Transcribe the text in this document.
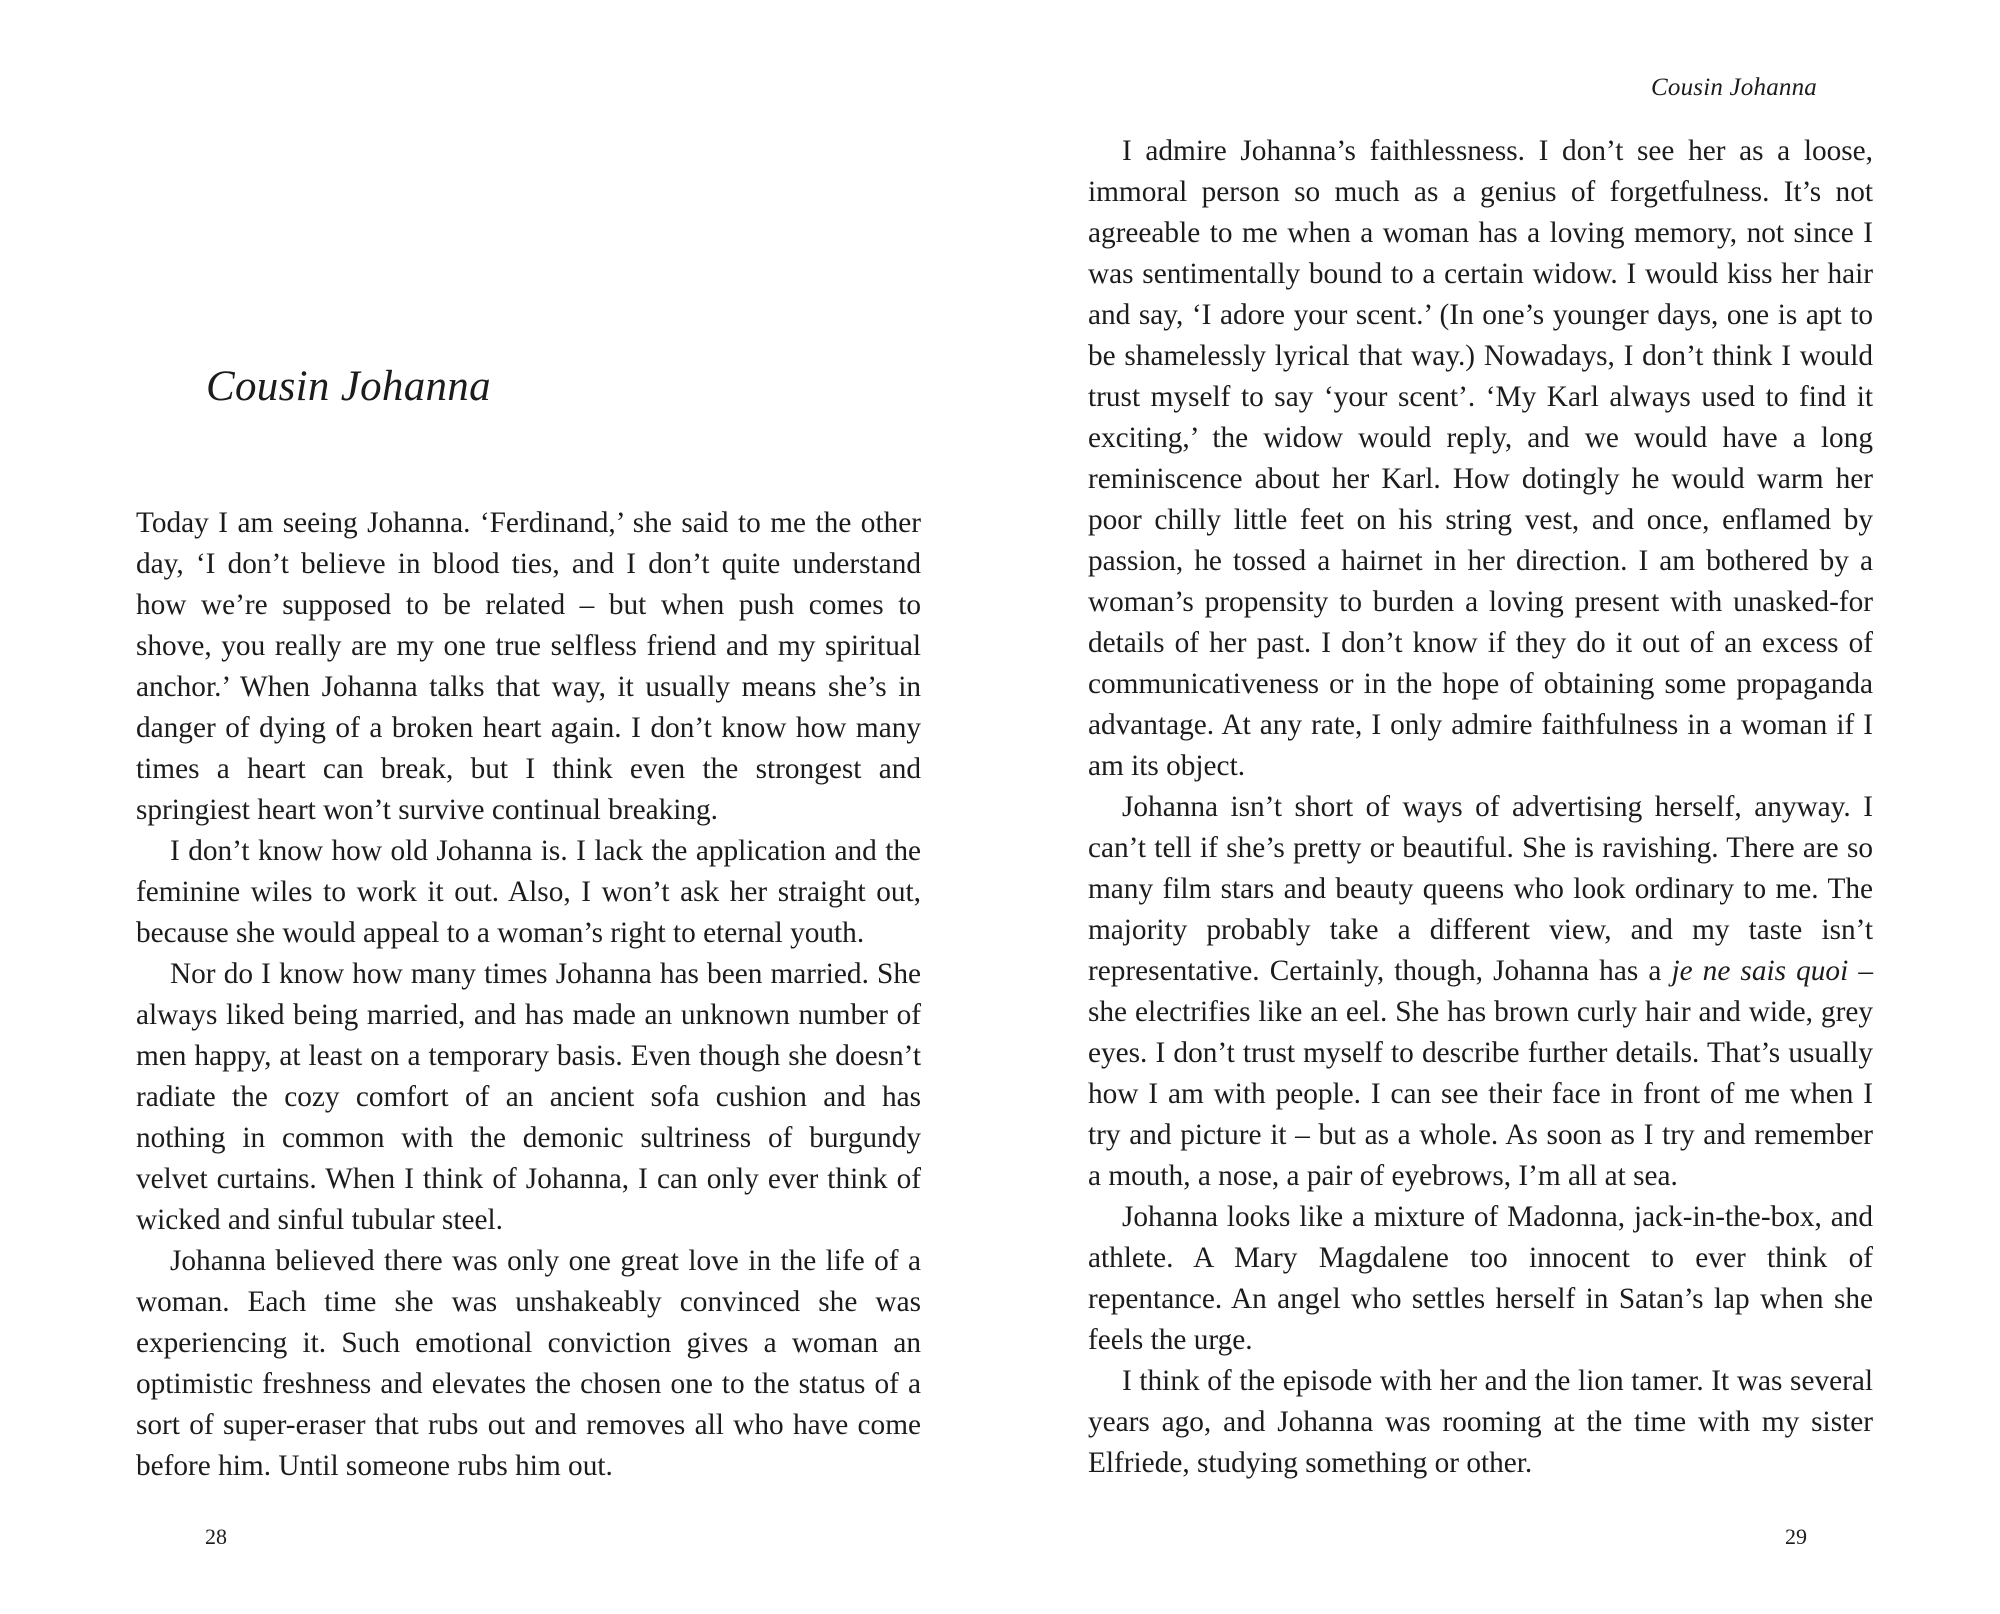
Cousin Johanna

Today I am seeing Johanna. ‘Ferdinand,’ she said to me the other day, ‘I don’t believe in blood ties, and I don’t quite understand how we’re supposed to be related – but when push comes to shove, you really are my one true selfless friend and my spiritual anchor.’ When Johanna talks that way, it usually means she’s in danger of dying of a broken heart again. I don’t know how many times a heart can break, but I think even the strongest and springiest heart won’t survive continual breaking.

I don’t know how old Johanna is. I lack the application and the feminine wiles to work it out. Also, I won’t ask her straight out, because she would appeal to a woman’s right to eternal youth.

Nor do I know how many times Johanna has been married. She always liked being married, and has made an unknown number of men happy, at least on a temporary basis. Even though she doesn’t radiate the cozy comfort of an ancient sofa cushion and has nothing in common with the demonic sultriness of burgundy velvet curtains. When I think of Johanna, I can only ever think of wicked and sinful tubular steel.

Johanna believed there was only one great love in the life of a woman. Each time she was unshakeably convinced she was experiencing it. Such emotional conviction gives a woman an optimistic freshness and elevates the chosen one to the status of a sort of super-eraser that rubs out and removes all who have come before him. Until someone rubs him out.

28
Cousin Johanna

I admire Johanna’s faithlessness. I don’t see her as a loose, immoral person so much as a genius of forgetfulness. It’s not agreeable to me when a woman has a loving memory, not since I was sentimentally bound to a certain widow. I would kiss her hair and say, ‘I adore your scent.’ (In one’s younger days, one is apt to be shamelessly lyrical that way.) Nowadays, I don’t think I would trust myself to say ‘your scent’. ‘My Karl always used to find it exciting,’ the widow would reply, and we would have a long reminiscence about her Karl. How dotingly he would warm her poor chilly little feet on his string vest, and once, enflamed by passion, he tossed a hairnet in her direction. I am bothered by a woman’s propensity to burden a loving present with unasked-for details of her past. I don’t know if they do it out of an excess of communicativeness or in the hope of obtaining some propaganda advantage. At any rate, I only admire faithfulness in a woman if I am its object.

Johanna isn’t short of ways of advertising herself, anyway. I can’t tell if she’s pretty or beautiful. She is ravishing. There are so many film stars and beauty queens who look ordinary to me. The majority probably take a different view, and my taste isn’t representative. Certainly, though, Johanna has a je ne sais quoi – she electrifies like an eel. She has brown curly hair and wide, grey eyes. I don’t trust myself to describe further details. That’s usually how I am with people. I can see their face in front of me when I try and picture it – but as a whole. As soon as I try and remember a mouth, a nose, a pair of eyebrows, I’m all at sea.

Johanna looks like a mixture of Madonna, jack-in-the-box, and athlete. A Mary Magdalene too innocent to ever think of repentance. An angel who settles herself in Satan’s lap when she feels the urge.

I think of the episode with her and the lion tamer. It was several years ago, and Johanna was rooming at the time with my sister Elfriede, studying something or other.

29
